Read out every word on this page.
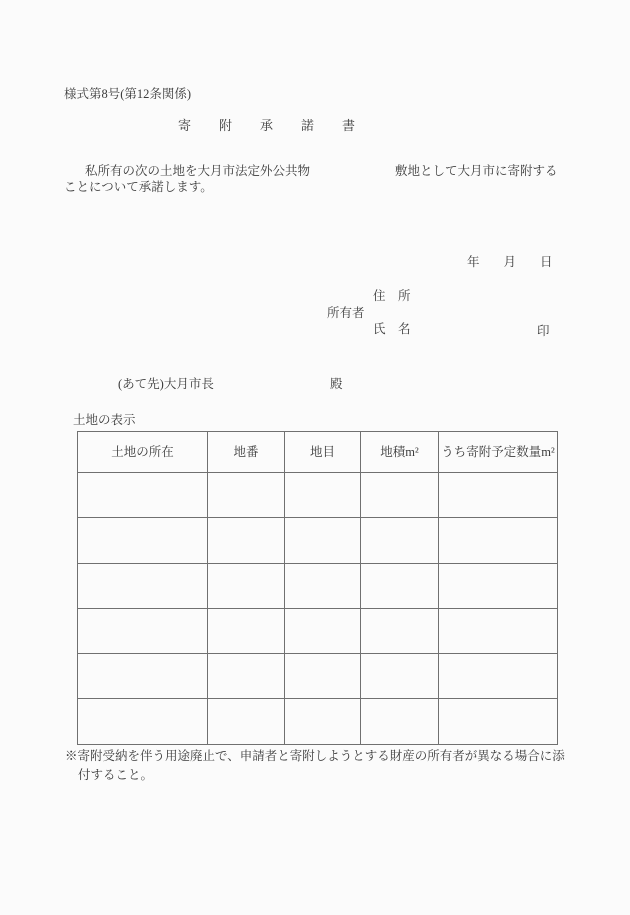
様式第8号(第12条関係)
寄附承諾書
私所有の次の土地を大月市法定外公共物	敷地として大月市に寄附する
ことについて承諾します。
年月日
所有者
住　所
氏　名	印
(あて先)大月市長	殿
土地の表示
土地の所在	地番	地目	地積m²	うち寄附予定数量m²

※寄附受納を伴う用途廃止で、申請者と寄附しようとする財産の所有者が異なる場合に添
付すること。
